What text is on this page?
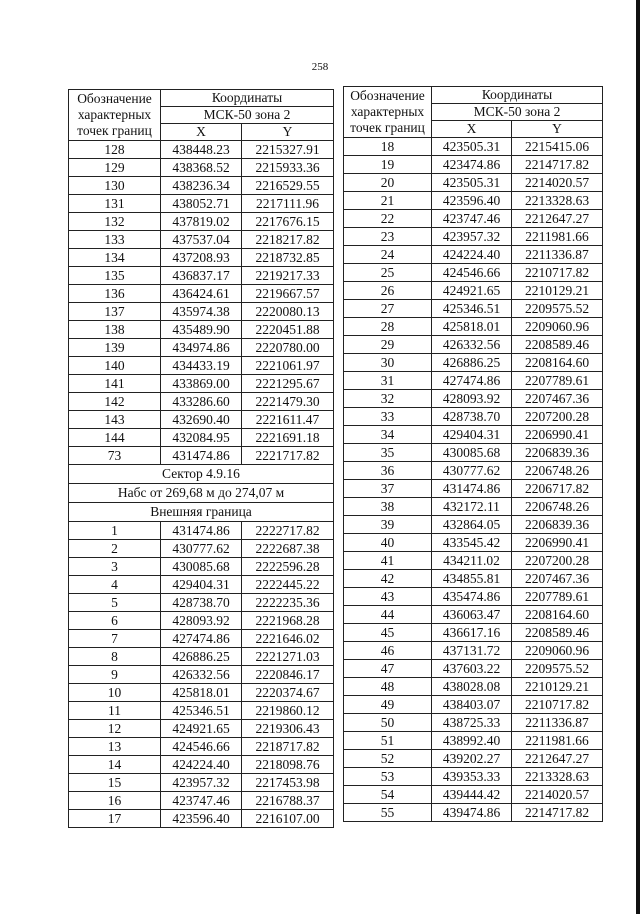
258
Обозначение характерных точек границ	Координаты	
	МСК-50 зона 2	
	X	Y
128	438448.23	2215327.91
129	438368.52	2215933.36
130	438236.34	2216529.55
131	438052.71	2217111.96
132	437819.02	2217676.15
133	437537.04	2218217.82
134	437208.93	2218732.85
135	436837.17	2219217.33
136	436424.61	2219667.57
137	435974.38	2220080.13
138	435489.90	2220451.88
139	434974.86	2220780.00
140	434433.19	2221061.97
141	433869.00	2221295.67
142	433286.60	2221479.30
143	432690.40	2221611.47
144	432084.95	2221691.18
73	431474.86	2221717.82
Сектор 4.9.16		
Набс от 269,68 м до 274,07 м		
Внешняя граница		
1	431474.86	2222717.82
2	430777.62	2222687.38
3	430085.68	2222596.28
4	429404.31	2222445.22
5	428738.70	2222235.36
6	428093.92	2221968.28
7	427474.86	2221646.02
8	426886.25	2221271.03
9	426332.56	2220846.17
10	425818.01	2220374.67
11	425346.51	2219860.12
12	424921.65	2219306.43
13	424546.66	2218717.82
14	424224.40	2218098.76
15	423957.32	2217453.98
16	423747.46	2216788.37
17	423596.40	2216107.00
Обозначение характерных точек границ	Координаты	
	МСК-50 зона 2	
	X	Y
18	423505.31	2215415.06
19	423474.86	2214717.82
20	423505.31	2214020.57
21	423596.40	2213328.63
22	423747.46	2212647.27
23	423957.32	2211981.66
24	424224.40	2211336.87
25	424546.66	2210717.82
26	424921.65	2210129.21
27	425346.51	2209575.52
28	425818.01	2209060.96
29	426332.56	2208589.46
30	426886.25	2208164.60
31	427474.86	2207789.61
32	428093.92	2207467.36
33	428738.70	2207200.28
34	429404.31	2206990.41
35	430085.68	2206839.36
36	430777.62	2206748.26
37	431474.86	2206717.82
38	432172.11	2206748.26
39	432864.05	2206839.36
40	433545.42	2206990.41
41	434211.02	2207200.28
42	434855.81	2207467.36
43	435474.86	2207789.61
44	436063.47	2208164.60
45	436617.16	2208589.46
46	437131.72	2209060.96
47	437603.22	2209575.52
48	438028.08	2210129.21
49	438403.07	2210717.82
50	438725.33	2211336.87
51	438992.40	2211981.66
52	439202.27	2212647.27
53	439353.33	2213328.63
54	439444.42	2214020.57
55	439474.86	2214717.82
